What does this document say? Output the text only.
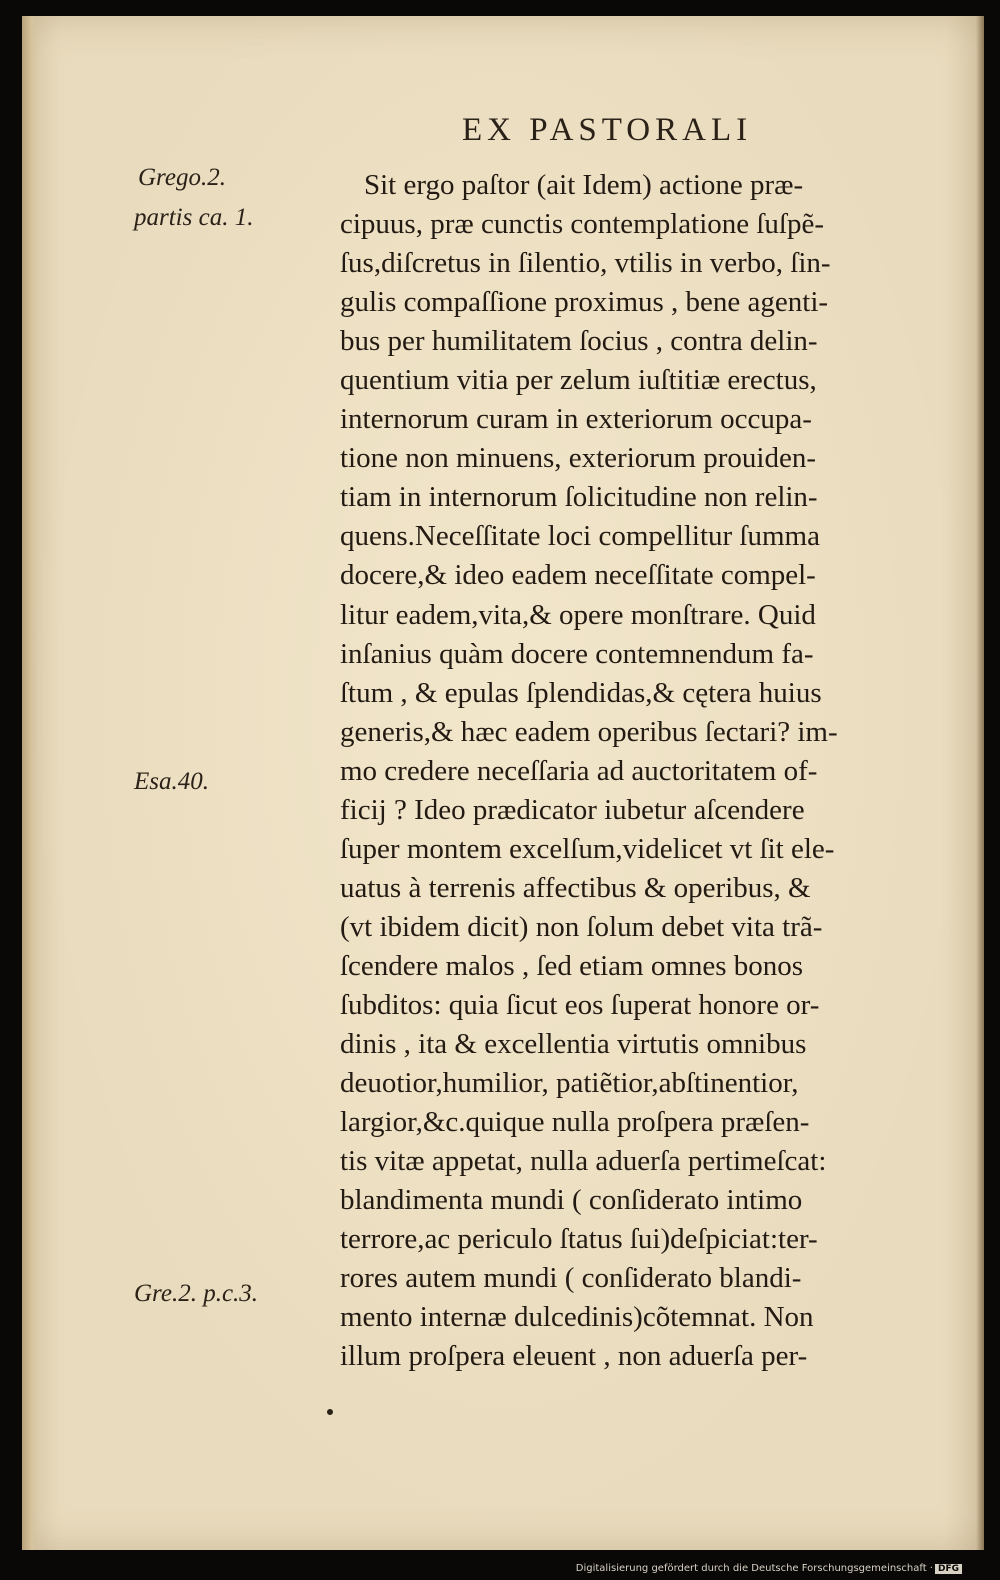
EX PASTORALI
Grego.2.
partis ca. 1.
Esa.40.
Gre.2. p.c.3.
Sit ergo paſtor (ait Idem) actione præ-
cipuus, præ cunctis contemplatione ſuſpẽ-
ſus,diſcretus in ſilentio, vtilis in verbo, ſin-
gulis compaſſione proximus , bene agenti-
bus per humilitatem ſocius , contra delin-
quentium vitia per zelum iuſtitiæ erectus,
internorum curam in exteriorum occupa-
tione non minuens, exteriorum prouiden-
tiam in internorum ſolicitudine non relin-
quens.Neceſſitate loci compellitur ſumma
docere,& ideo eadem neceſſitate compel-
litur eadem,vita,& opere monſtrare. Quid
inſanius quàm docere contemnendum fa-
ſtum , & epulas ſplendidas,& cętera huius
generis,& hæc eadem operibus ſectari? im-
mo credere neceſſaria ad auctoritatem of-
ficij ? Ideo prædicator iubetur aſcendere
ſuper montem excelſum,videlicet vt ſit ele-
uatus à terrenis affectibus & operibus, &
(vt ibidem dicit) non ſolum debet vita trã-
ſcendere malos , ſed etiam omnes bonos
ſubditos: quia ſicut eos ſuperat honore or-
dinis , ita & excellentia virtutis omnibus
deuotior,humilior, patiẽtior,abſtinentior,
largior,&c.quique nulla proſpera præſen-
tis vitæ appetat, nulla aduerſa pertimeſcat:
blandimenta mundi ( conſiderato intimo
terrore,ac periculo ſtatus ſui)deſpiciat:ter-
rores autem mundi ( conſiderato blandi-
mento internæ dulcedinis)cõtemnat. Non
illum proſpera eleuent , non aduerſa per-
Digitalisierung gefördert durch die Deutsche Forschungsgemeinschaft · DFG
